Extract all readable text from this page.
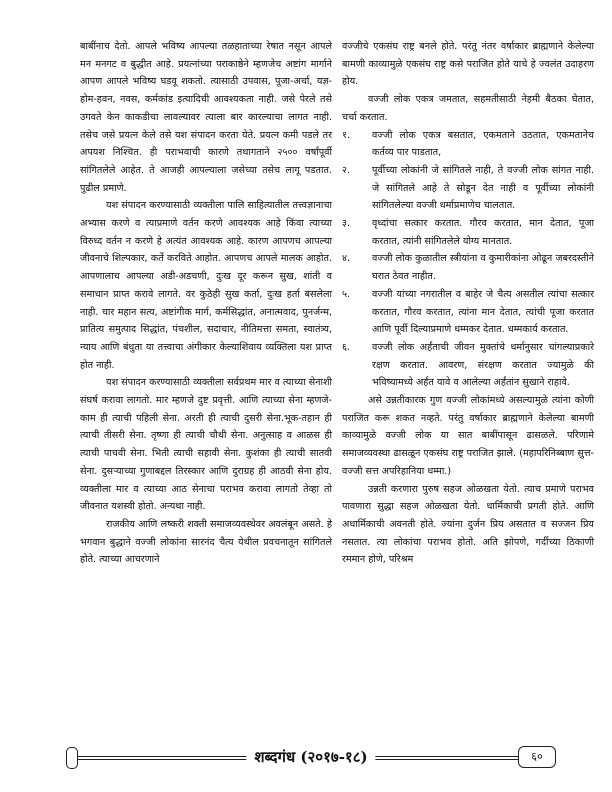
बाबींनाच देतो. आपले भविष्य आपल्या तळहाताच्या रेषात नसून आपले मन मनगट व बुद्धीत आहे. प्रयत्नांच्या पराकाष्ठेने म्हणजेच अष्टांग मार्गाने आपण आपले भविष्य घडवू शकतो. त्यासाठी उपवास, पूजा-अर्चा, यज्ञ-होम-हवन, नवस, कर्मकांड इत्यादिची आवश्यकता नाही. जसे पेरले तसे उगवते केन काकडीचा लावल्यावर त्याला बार कारल्याचा लागत नाही. तसेच जसे प्रयत्न केले तसे यश संपादन करता येते. प्रयत्न कमी पडले तर अपयश निश्चित. ही पराभवाची कारणे तथागताने २५०० वर्षांपूर्वी सांगितलेले आहेत. ते आजही आपल्याला जसेच्या तसेच लागू पडतात. पुढील प्रमाणे.

यश संपादन करण्यासाठी व्यक्तीला पालि साहित्यातील तत्त्वज्ञानाचा अभ्यास करणे व त्याप्रमाणे वर्तन करणे आवश्यक आहे किंवा त्याच्या विरुध्द वर्तन न करणे हे अत्यंत आवश्यक आहे. कारण आपणच आपल्या जीवनाचे शिल्पकार, कर्ते करविते आहोत. आपणच आपले मालक आहोत. आपणालाच आपल्या अडी-अडचणी, दुःख दूर करून सुख, शांती व समाधान प्राप्त करावे लागते. वर कुठेही सुख कर्ता, दुःख हर्ता बसलेला नाही. चार महान सत्य, अष्टांगीक मार्ग, कर्मसिद्धांत, अनात्मवाद, पुनर्जन्म, प्रातित्य समुत्पाद सिद्धांत, पंचशील, सदाचार, नीतिमत्ता समता, स्वातंत्र्य, न्याय आणि बंधुता या तत्त्वाचा अंगीकार केल्याशिवाय व्यक्तिला यश प्राप्त होत नाही.

यश संपादन करण्यासाठी व्यक्तीला सर्वप्रथम मार व त्याच्या सेनाशी संघर्ष करावा लागतो. मार म्हणजे दुष्ट प्रवृत्ती. आणि त्याच्या सेना म्हणजे-काम ही त्याची पहिली सेना. अरती ही त्याची दुसरी सेना.भूक-तहान ही त्याची तीसरी सेना. तृष्णा ही त्याची चौथी सेना. अनुत्साह व आळस ही त्याची पाचवी सेना. भिती त्याची सहावी सेना. कुशंका ही त्याची सातवी सेना. दुसऱ्याच्या गुणाबद्दल तिरस्कार आणि दुराग्रह ही आठवी सेना होय. व्यक्तीला मार व त्याच्या आठ सेनाचा पराभव करावा लागतो तेव्हा तो जीवनात यशस्वी होतो. अन्यथा नाही.

राजकीय आणि लष्करी शक्ती समाजव्यवस्थेवर अवलंबून असते. हे भगवान बुद्धाने वज्जी लोकांना सारनंद चैत्य येथील प्रवचनातून सांगितले होते. त्याच्या आचरणाने

वज्जीचे एकसंघ राष्ट्र बनले होते. परंतु नंतर वर्षाकार ब्राह्मणाने केलेल्या बामणी काव्यामुळे एकसंघ राष्ट्र कसे पराजित होते याचे हे ज्वलंत उदाहरण होय.

वज्जी लोक एकत्र जमतात, सहमतीसाठी नेहमी बैठका घेतात, चर्चा करतात.

१.	वज्जी लोक एकत्र बसतात, एकमताने उठतात, एकमतानेच कर्तव्य पार पाडतात,

२.	पूर्वीच्या लोकांनी जे सांगितले नाही, ते वज्जी लोक सांगत नाही. जे सांगितले आहे ते सोडून देत नाही व पूर्वीच्या लोकांनी सांगितलेल्या वज्जी धर्माप्रमाणेच चालतात.

३.	वृध्दांचा सत्कार करतात. गौरव करतात, मान देतात, पूजा करतात, त्यांनी सांगितलेले योग्य मानतात.

४.	वज्जी लोक कुळातील स्त्रीयांना व कुमारीकांना ओढून जबरदस्तीने घरात ठेवत नाहीत.

५.	वज्जी यांच्या नगरातील व बाहेर जे चैत्य असतील त्यांचा सत्कार करतात, गौरव करतात, त्यांना मान देतात, त्यांची पूजा करतात आणि पूर्वी दिल्याप्रमाणे धम्मकर देतात. धम्मकार्य करतात.

६.	वज्जी लोक अर्हंताची जीवन मुक्तांचे धर्मानुसार चांगल्याप्रकारे रक्षण करतात. आवरण, संरक्षण करतात ज्यामुळे की भविष्यामध्ये अर्हंत यावे व आलेल्या अर्हंतांन सुखाने राहावे.

असे उन्नतीकारक गुण वज्जी लोकांमध्ये असल्यामुळे त्यांना कोणी पराजित करू शकत नव्हते. परंतु वर्षाकार ब्राह्मणाने केलेल्या बामणी काव्यामुळे वज्जी लोक या सात बाबींपासून ढासळले. परिणामे समाजव्यवस्था ढासळून एकसंघ राष्ट्र पराजित झाले. (महापरिनिब्बाण सुत्त-वज्जी सत्त अपरिहानिया धम्मा.)

उन्नती करणारा पुरुष सहज ओळखता येतो. त्याच प्रमाणे पराभव पावणारा सुद्धा सहज ओळखता येतो. धार्मिकाची प्रगती होते. आणि अधार्मिकाची अवनती होते. ज्यांना दुर्जन प्रिय असतात व सज्जन प्रिय नसतात. त्या लोकांचा पराभव होतो. अति झोपणे, गर्दीच्या ठिकाणी रममान होणे, परिश्रम

शब्दगंध (२०१७-१८)	६०
